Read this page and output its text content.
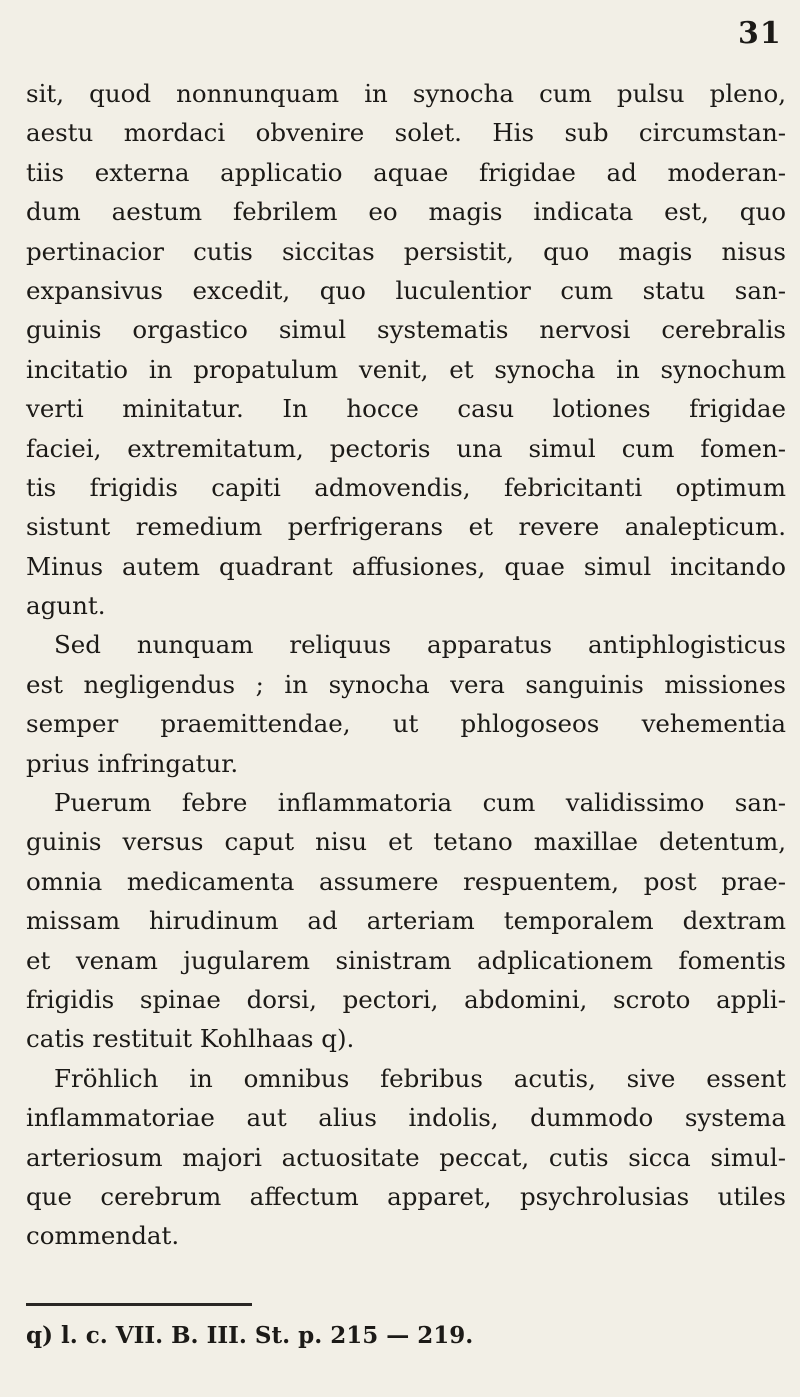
31
sit, quod nonnunquam in synocha cum pulsu pleno,
aestu mordaci obvenire solet. His sub circumstan-
tiis externa applicatio aquae frigidae ad moderan-
dum aestum febrilem eo magis indicata est, quo
pertinacior cutis siccitas persistit, quo magis nisus
expansivus excedit, quo luculentior cum statu san-
guinis orgastico simul systematis nervosi cerebralis
incitatio in propatulum venit, et synocha in synochum
verti minitatur. In hocce casu lotiones frigidae
faciei, extremitatum, pectoris una simul cum fomen-
tis frigidis capiti admovendis, febricitanti optimum
sistunt remedium perfrigerans et revere analepticum.
Minus autem quadrant affusiones, quae simul incitando
agunt.
Sed nunquam reliquus apparatus antiphlogisticus
est negligendus ; in synocha vera sanguinis missiones
semper praemittendae, ut phlogoseos vehementia
prius infringatur.
Puerum febre inflammatoria cum validissimo san-
guinis versus caput nisu et tetano maxillae detentum,
omnia medicamenta assumere respuentem, post prae-
missam hirudinum ad arteriam temporalem dextram
et venam jugularem sinistram adplicationem fomentis
frigidis spinae dorsi, pectori, abdomini, scroto appli-
catis restituit Kohlhaas q).
Fröhlich in omnibus febribus acutis, sive essent
inflammatoriae aut alius indolis, dummodo systema
arteriosum majori actuositate peccat, cutis sicca simul-
que cerebrum affectum apparet, psychrolusias utiles
commendat.
q) l. c. VII. B. III. St. p. 215 — 219.
